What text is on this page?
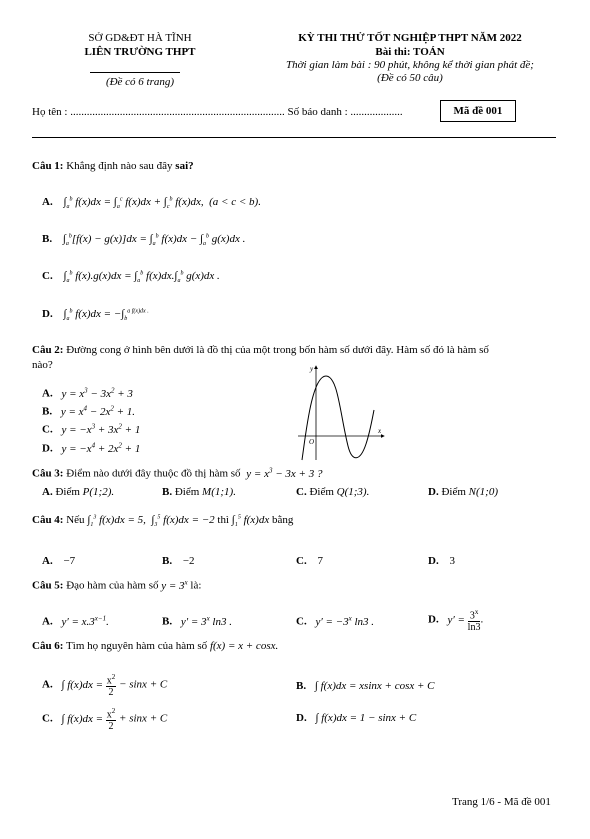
SỞ GD&ĐT HÀ TĨNH
LIÊN TRƯỜNG THPT
(Đề có 6 trang)
KỲ THI THỬ TỐT NGHIỆP THPT NĂM 2022
Bài thi: TOÁN
Thời gian làm bài : 90 phút, không kể thời gian phát đề;
(Đề có 50 câu)
Họ tên : .............................................................................. Số báo danh : ...................	Mã đề 001
Câu 1: Khẳng định nào sau đây sai?
A. $\int_a^b$ $f(x)dx = \int_a^c$ $f(x)dx + \int_c^b$ f(x)dx,  (a < c < b).
B. $\int_a^b[f(x) - g(x)]dx = \int_a^b$ $f(x)dx - \int_a^b$ g(x)dx .
C. $\int_a^b$ $f(x).g(x)dx = \int_a^b$ $f(x)dx.\int_a^b$ g(x)dx .
D. $\int_a^b$ $f(x)dx = -\int_b^{a f(x)dx .}$
Câu 2: Đường cong ở hình bên dưới là đồ thị của một trong bốn hàm số dưới đây. Hàm số đó là hàm số
nào?
A. $y = x^3 - 3x^2 + 3$
B. $y = x^4 - 2x^2 + 1$.
C. $y = -x^3 + 3x^2 + 1$
D. $y = -x^4 + 2x^2 + 1$
y
x
O
Câu 3: Điểm nào dưới đây thuộc đồ thị hàm số $y = x^3 - 3x + 3$ ?
A. Điểm P(1;2).	B. Điểm M(1;1).	C. Điểm Q(1;3).	D. Điểm N(1;0)
Câu 4: Nếu $\int_1^3$ f(x)dx = 5,  $\int_3^5$ f(x)dx = −2 thì $\int_1^5$ f(x)dx bằng
A. −7	B. −2	C. 7	D. 3
Câu 5: Đạo hàm của hàm số $y = 3^x$ là:
A. $y' = x.3^{x-1}$.	B. $y' = 3^x$ ln3 .	C. $y' = -3^x$ ln3 .	D. $y' = \frac{3^x}{\ln 3}$ .
Câu 6: Tìm họ nguyên hàm của hàm số f(x) = x + cosx.
A. ∫ $f(x)dx = \frac{x^2}{2} - \sin x + C$	B. ∫ f(x)dx = xsinx + cosx + C
C. ∫ $f(x)dx = \frac{x^2}{2} + \sin x + C$	D. ∫ f(x)dx = 1 − sinx + C
Trang 1/6 - Mã đề 001
